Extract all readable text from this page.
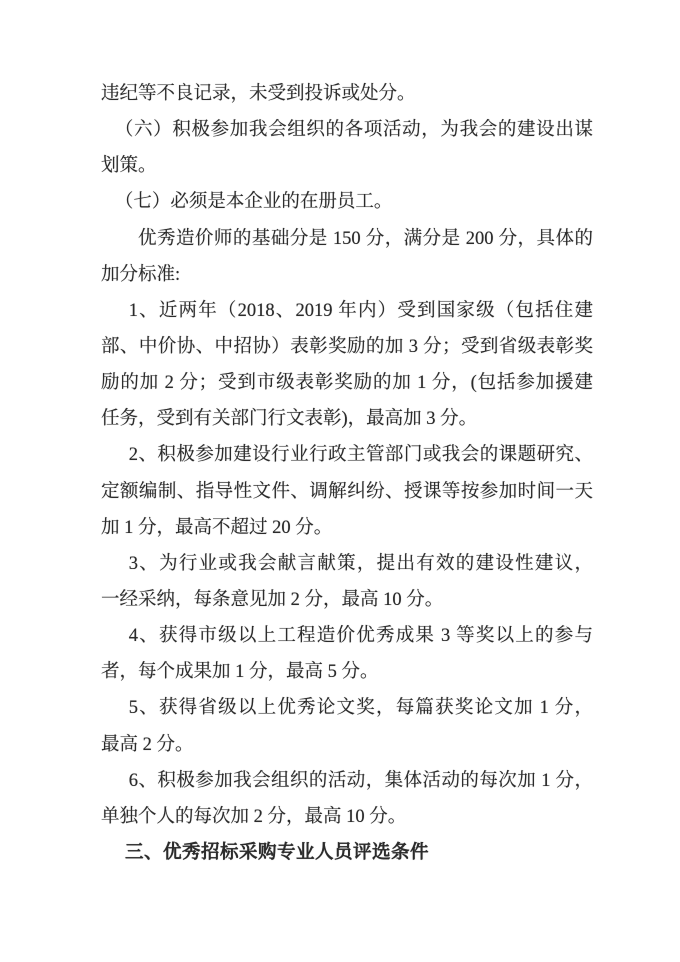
违纪等不良记录，未受到投诉或处分。
（六）积极参加我会组织的各项活动，为我会的建设出谋
划策。
（七）必须是本企业的在册员工。
优秀造价师的基础分是 150 分，满分是 200 分，具体的
加分标准:
1、近两年（2018、2019 年内）受到国家级（包括住建
部、中价协、中招协）表彰奖励的加 3 分；受到省级表彰奖
励的加 2 分；受到市级表彰奖励的加 1 分，(包括参加援建
任务，受到有关部门行文表彰)，最高加 3 分。
2、积极参加建设行业行政主管部门或我会的课题研究、
定额编制、指导性文件、调解纠纷、授课等按参加时间一天
加 1 分，最高不超过 20 分。
3、为行业或我会献言献策，提出有效的建设性建议，
一经采纳，每条意见加 2 分，最高 10 分。
4、获得市级以上工程造价优秀成果 3 等奖以上的参与
者，每个成果加 1 分，最高 5 分。
5、获得省级以上优秀论文奖，每篇获奖论文加 1 分，
最高 2 分。
6、积极参加我会组织的活动，集体活动的每次加 1 分，
单独个人的每次加 2 分，最高 10 分。
三、优秀招标采购专业人员评选条件
